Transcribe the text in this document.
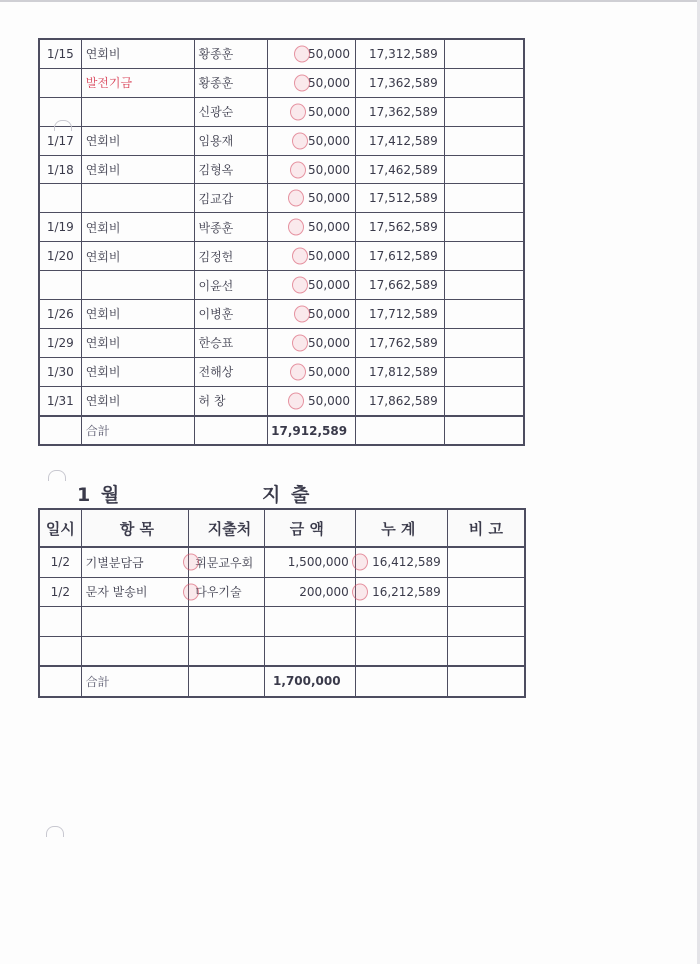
1/15	연회비	황종훈	50,000	17,312,589	
	발전기금	황종훈	50,000	17,362,589	
		신광순	50,000	17,362,589	
1/17	연회비	임용재	50,000	17,412,589	
1/18	연회비	김형옥	50,000	17,462,589	
		김교갑	50,000	17,512,589	
1/19	연회비	박종훈	50,000	17,562,589	
1/20	연회비	김정헌	50,000	17,612,589	
		이윤선	50,000	17,662,589	
1/26	연회비	이병훈	50,000	17,712,589	
1/29	연회비	한승표	50,000	17,762,589	
1/30	연회비	전해상	50,000	17,812,589	
1/31	연회비	허 창	50,000	17,862,589	
	合計		17,912,589		
1 월	지 출
일시	항 목	지출처	금 액	누 계	비 고
1/2	기별분담금	휘문교우회	1,500,000	16,412,589

1/2	문자 발송비	다우기술	200,000	16,212,589

	合計		1,700,000		
